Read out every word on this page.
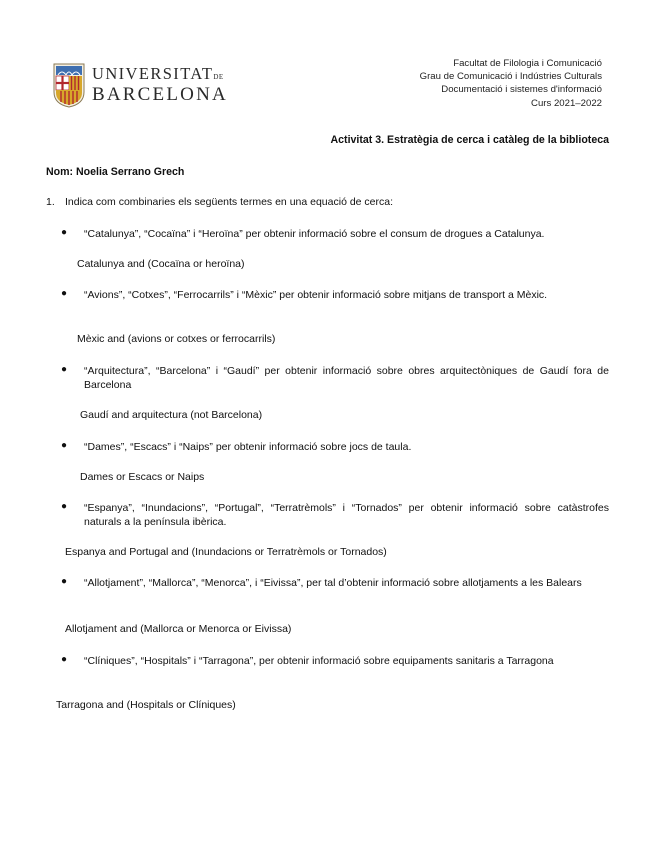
UNIVERSITATDE
BARCELONA
Facultat de Filologia i Comunicació
Grau de Comunicació i Indústries Culturals
Documentació i sistemes d'informació
Curs 2021–2022
Activitat 3. Estratègia de cerca i catàleg de la biblioteca
Nom: Noelia Serrano Grech
1. Indica com combinaries els següents termes en una equació de cerca:
● “Catalunya”, “Cocaïna” i “Heroïna” per obtenir informació sobre el consum de drogues a Catalunya.
Catalunya and (Cocaïna or heroïna)
● “Avions”, “Cotxes”, “Ferrocarrils” i “Mèxic” per obtenir informació sobre mitjans de transport a Mèxic.
Mèxic and (avions or cotxes or ferrocarrils)
● “Arquitectura”, “Barcelona” i “Gaudí” per obtenir informació sobre obres arquitectòniques de Gaudí fora de Barcelona
Gaudí and arquitectura (not Barcelona)
● “Dames”, “Escacs” i “Naips” per obtenir informació sobre jocs de taula.
Dames or Escacs or Naips
● “Espanya”, “Inundacions”, “Portugal”, “Terratrèmols” i “Tornados” per obtenir informació sobre catàstrofes naturals a la península ibèrica.
Espanya and Portugal and (Inundacions or Terratrèmols or Tornados)
● “Allotjament”, “Mallorca”, “Menorca”, i “Eivissa”, per tal d’obtenir informació sobre allotjaments a les Balears
Allotjament and (Mallorca or Menorca or Eivissa)
● “Clíniques”, “Hospitals” i “Tarragona”, per obtenir informació sobre equipaments sanitaris a Tarragona
Tarragona and (Hospitals or Clíniques)
